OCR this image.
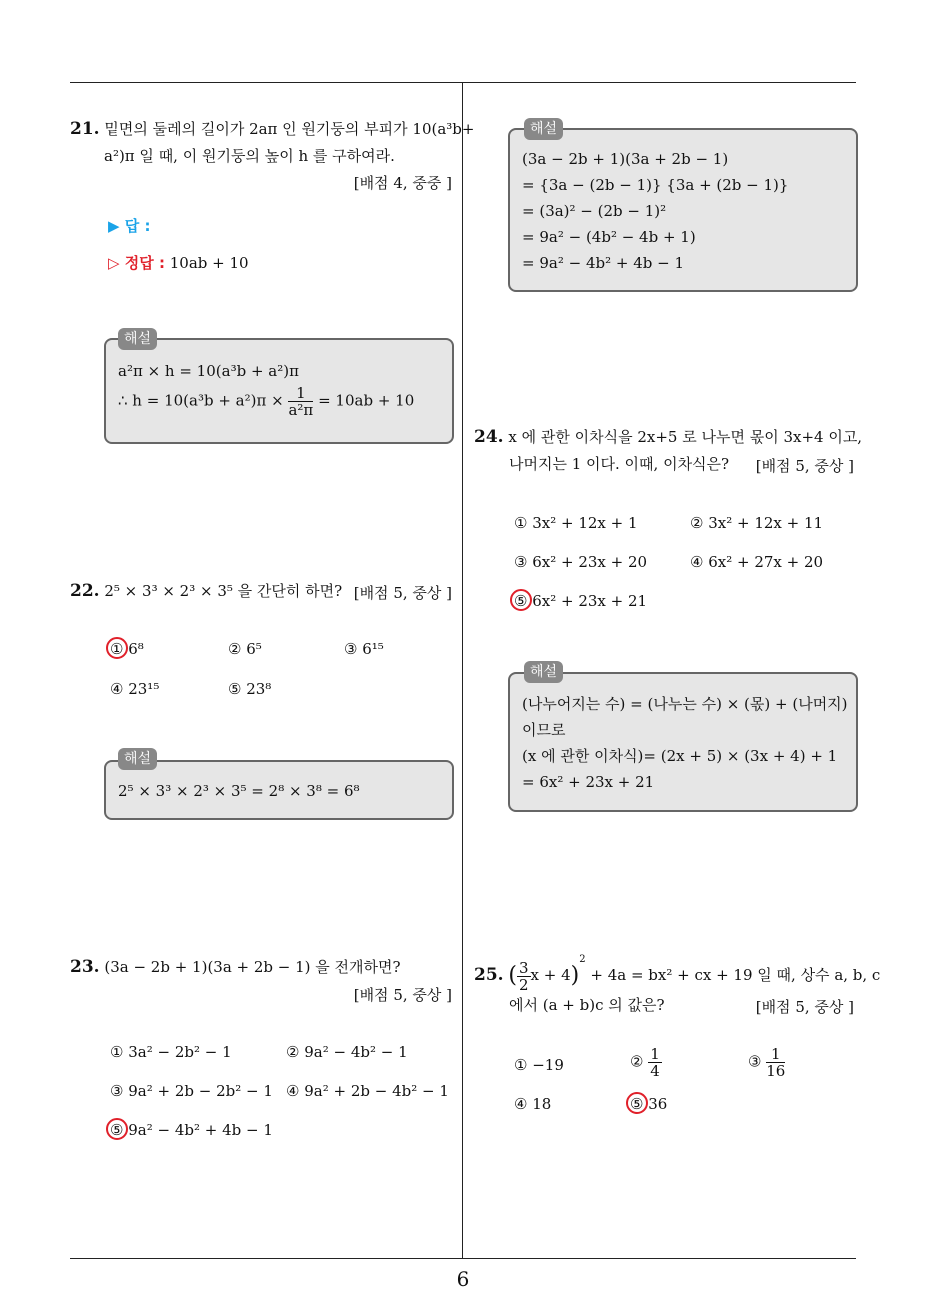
21. 밑면의 둘레의 길이가 2aπ 인 원기둥의 부피가 10(a³b+
a²)π 일 때, 이 원기둥의 높이 h 를 구하여라.
[배점 4, 중중 ]
▶ 답 :
▷ 정답 : 10ab + 10
해설
a²π × h = 10(a³b + a²)π
∴ $h = 10(a^3b + a^2)\pi \times \frac{1}{\text{a²π}} = 10ab + 10$
22. 2⁵ × 3³ × 2³ × 3⁵ 을 간단히 하면? [배점 5, 중상 ]
① 6⁸	② 6⁵	③ 6¹⁵
④ 23¹⁵	⑤ 23⁸
해설
2⁵ × 3³ × 2³ × 3⁵ = 2⁸ × 3⁸ = 6⁸
23. (3a − 2b + 1)(3a + 2b − 1) 을 전개하면?
[배점 5, 중상 ]
① 3a² − 2b² − 1	② 9a² − 4b² − 1
③ 9a² + 2b − 2b² − 1 ④ 9a² + 2b − 4b² − 1
⑤ 9a² − 4b² + 4b − 1
해설
(3a − 2b + 1)(3a + 2b − 1)
= {3a − (2b − 1)} {3a + (2b − 1)}
= (3a)² − (2b − 1)²
= 9a² − (4b² − 4b + 1)
= 9a² − 4b² + 4b − 1
24. x 에 관한 이차식을 2x+5 로 나누면 몫이 3x+4 이고,
나머지는 1 이다. 이때, 이차식은? [배점 5, 중상 ]
① 3x² + 12x + 1	② 3x² + 12x + 11
③ 6x² + 23x + 20	④ 6x² + 27x + 20
⑤ 6x² + 23x + 21
해설
(나누어지는 수) = (나누는 수) × (몫) + (나머지)
이므로
(x 에 관한 이차식)= (2x + 5) × (3x + 4) + 1
= 6x² + 23x + 21
25. ( $\frac{3}{2}$ x + 4)$^2$ + 4a = bx² + cx + 19 일 때, 상수 a, b, c
에서 (a + b)c 의 값은?	[배점 5, 중상 ]
① −19	② $\frac{1}{4}$	③ $\frac{1}{16}$
④ 18	⑤ 36
6
